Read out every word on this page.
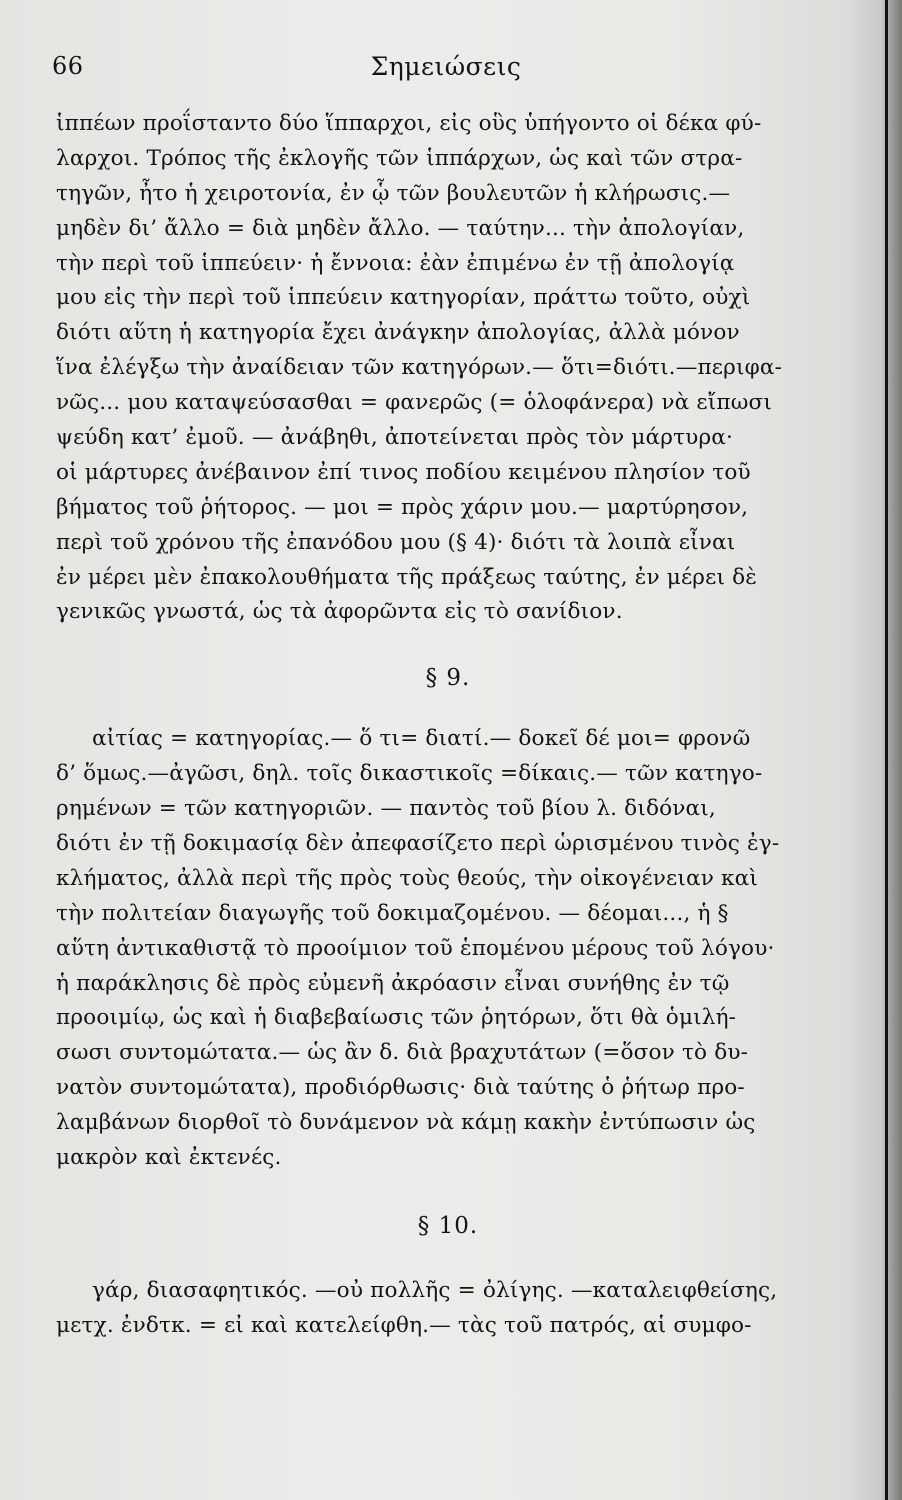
66	Σημειώσεις
ἱππέων προΐσταντο δύο ἵππαρχοι, εἰς οὓς ὑπήγοντο οἱ δέκα φύ-
λαρχοι. Τρόπος τῆς ἐκλογῆς τῶν ἱππάρχων, ὡς καὶ τῶν στρα-
τηγῶν, ἦτο ἡ χειροτονία, ἐν ᾧ τῶν βουλευτῶν ἡ κλήρωσις.—
μηδὲν δι’ ἄλλο = διὰ μηδὲν ἄλλο. — ταύτην... τὴν ἀπολογίαν,
τὴν περὶ τοῦ ἱππεύειν· ἡ ἔννοια: ἐὰν ἐπιμένω ἐν τῇ ἀπολογίᾳ
μου εἰς τὴν περὶ τοῦ ἱππεύειν κατηγορίαν, πράττω τοῦτο, οὐχὶ
διότι αὕτη ἡ κατηγορία ἔχει ἀνάγκην ἀπολογίας, ἀλλὰ μόνον
ἵνα ἐλέγξω τὴν ἀναίδειαν τῶν κατηγόρων.— ὅτι=διότι.—περιφα-
νῶς... μου καταψεύσασθαι = φανερῶς (= ὁλοφάνερα) νὰ εἴπωσι
ψεύδη κατ’ ἐμοῦ. — ἀνάβηθι, ἀποτείνεται πρὸς τὸν μάρτυρα·
οἱ μάρτυρες ἀνέβαινον ἐπί τινος ποδίου κειμένου πλησίον τοῦ
βήματος τοῦ ῥήτορος. — μοι = πρὸς χάριν μου.— μαρτύρησον,
περὶ τοῦ χρόνου τῆς ἐπανόδου μου (§ 4)· διότι τὰ λοιπὰ εἶναι
ἐν μέρει μὲν ἐπακολουθήματα τῆς πράξεως ταύτης, ἐν μέρει δὲ
γενικῶς γνωστά, ὡς τὰ ἀφορῶντα εἰς τὸ σανίδιον.
§ 9.
αἰτίας = κατηγορίας.— ὅ τι= διατί.— δοκεῖ δέ μοι= φρονῶ
δ’ ὅμως.—ἀγῶσι, δηλ. τοῖς δικαστικοῖς =δίκαις.— τῶν κατηγο-
ρημένων = τῶν κατηγοριῶν. — παντὸς τοῦ βίου λ. διδόναι,
διότι ἐν τῇ δοκιμασίᾳ δὲν ἀπεφασίζετο περὶ ὡρισμένου τινὸς ἐγ-
κλήματος, ἀλλὰ περὶ τῆς πρὸς τοὺς θεούς, τὴν οἰκογένειαν καὶ
τὴν πολιτείαν διαγωγῆς τοῦ δοκιμαζομένου. — δέομαι..., ἡ §
αὕτη ἀντικαθιστᾷ τὸ προοίμιον τοῦ ἑπομένου μέρους τοῦ λόγου·
ἡ παράκλησις δὲ πρὸς εὐμενῆ ἀκρόασιν εἶναι συνήθης ἐν τῷ
προοιμίῳ, ὡς καὶ ἡ διαβεβαίωσις τῶν ῥητόρων, ὅτι θὰ ὁμιλή-
σωσι συντομώτατα.— ὡς ἂν δ. διὰ βραχυτάτων (=ὅσον τὸ δυ-
νατὸν συντομώτατα), προδιόρθωσις· διὰ ταύτης ὁ ῥήτωρ προ-
λαμβάνων διορθοῖ τὸ δυνάμενον νὰ κάμῃ κακὴν ἐντύπωσιν ὡς
μακρὸν καὶ ἐκτενές.
§ 10.
γάρ, διασαφητικός. —οὐ πολλῆς = ὀλίγης. —καταλειφθείσης,
μετχ. ἐνδτκ. = εἰ καὶ κατελείφθη.— τὰς τοῦ πατρός, αἱ συμφο-
